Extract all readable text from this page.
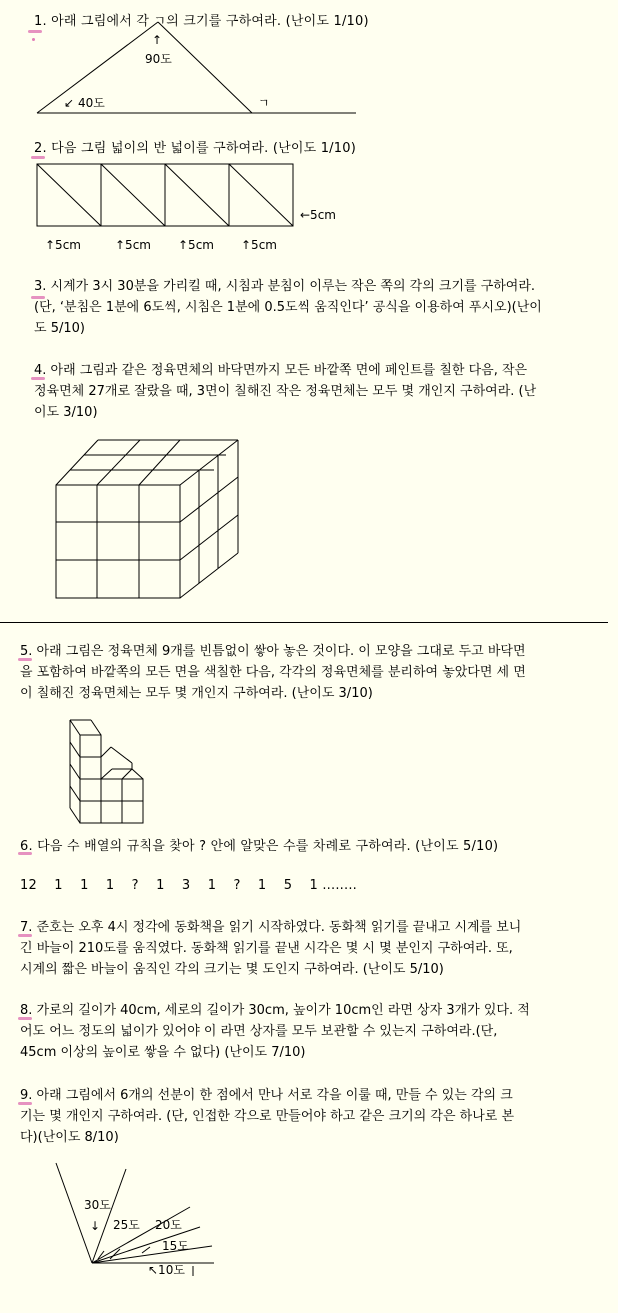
1. 아래 그림에서 각 ㄱ의 크기를 구하여라. (난이도 1/10)
↑
90도
↙ 40도	ㄱ
2. 다음 그림 넓이의 반 넓이를 구하여라. (난이도 1/10)
←5cm
↑5cm	↑5cm ↑5cm ↑5cm
3. 시계가 3시 30분을 가리킬 때, 시침과 분침이 이루는 작은 쪽의 각의 크기를 구하여라.
(단, ‘분침은 1분에 6도씩, 시침은 1분에 0.5도씩 움직인다’ 공식을 이용하여 푸시오)(난이
도 5/10)
4. 아래 그림과 같은 정육면체의 바닥면까지 모든 바깥쪽 면에 페인트를 칠한 다음, 작은
정육면체 27개로 잘랐을 때, 3면이 칠해진 작은 정육면체는 모두 몇 개인지 구하여라. (난
이도 3/10)
5. 아래 그림은 정육면체 9개를 빈틈없이 쌓아 놓은 것이다. 이 모양을 그대로 두고 바닥면
을 포함하여 바깥쪽의 모든 면을 색칠한 다음, 각각의 정육면체를 분리하여 놓았다면 세 면
이 칠해진 정육면체는 모두 몇 개인지 구하여라. (난이도 3/10)
6. 다음 수 배열의 규칙을 찾아 ? 안에 알맞은 수를 차례로 구하여라. (난이도 5/10)
12    1    1    1    ?    1    3    1    ?    1    5    1 ........
7. 준호는 오후 4시 정각에 동화책을 읽기 시작하였다. 동화책 읽기를 끝내고 시계를 보니
긴 바늘이 210도를 움직였다. 동화책 읽기를 끝낸 시각은 몇 시 몇 분인지 구하여라. 또,
시계의 짧은 바늘이 움직인 각의 크기는 몇 도인지 구하여라. (난이도 5/10)
8. 가로의 길이가 40cm, 세로의 길이가 30cm, 높이가 10cm인 라면 상자 3개가 있다. 적
어도 어느 정도의 넓이가 있어야 이 라면 상자를 모두 보관할 수 있는지 구하여라.(단,
45cm 이상의 높이로 쌓을 수 없다) (난이도 7/10)
9. 아래 그림에서 6개의 선분이 한 점에서 만나 서로 각을 이룰 때, 만들 수 있는 각의 크
기는 몇 개인지 구하여라. (단, 인접한 각으로 만들어야 하고 같은 크기의 각은 하나로 본
다)(난이도 8/10)
30도
↓ 25도 20도
15도
↖10도
